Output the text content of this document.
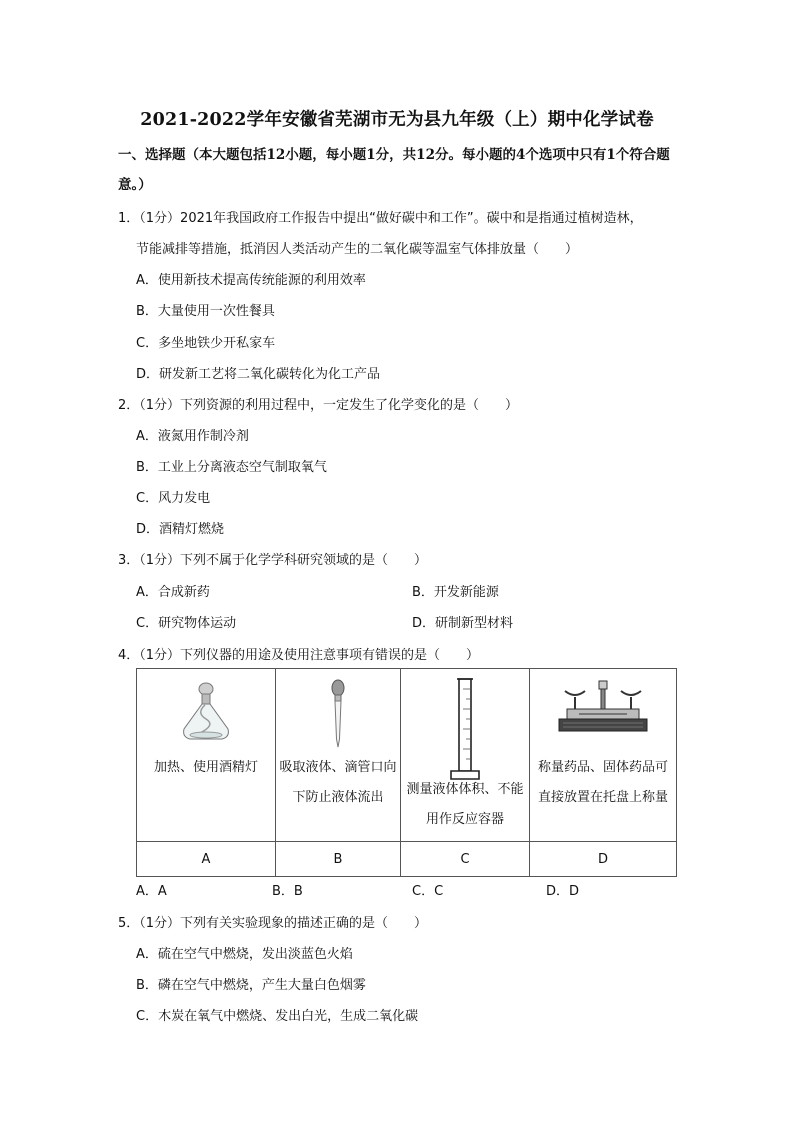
2021-2022学年安徽省芜湖市无为县九年级（上）期中化学试卷
一、选择题（本大题包括12小题，每小题1分，共12分。每小题的4个选项中只有1个符合题意。）
1．（1分）2021年我国政府工作报告中提出“做好碳中和工作”。碳中和是指通过植树造林，
节能减排等措施，抵消因人类活动产生的二氧化碳等温室气体排放量（　　）
A．使用新技术提高传统能源的利用效率
B．大量使用一次性餐具
C．多坐地铁少开私家车
D．研发新工艺将二氧化碳转化为化工产品
2．（1分）下列资源的利用过程中，一定发生了化学变化的是（　　）
A．液氮用作制冷剂
B．工业上分离液态空气制取氧气
C．风力发电
D．酒精灯燃烧
3．（1分）下列不属于化学学科研究领域的是（　　）
A．合成新药	B．开发新能源
C．研究物体运动	D．研制新型材料
4．（1分）下列仪器的用途及使用注意事项有错误的是（　　）
加热、使用酒精灯	吸取液体、滴管口向下防止液体流出	测量液体体积、不能用作反应容器	称量药品、固体药品可直接放置在托盘上称量

A	B	C	D
A．A	B．B	C．C	D．D
5．（1分）下列有关实验现象的描述正确的是（　　）
A．硫在空气中燃烧，发出淡蓝色火焰
B．磷在空气中燃烧，产生大量白色烟雾
C．木炭在氧气中燃烧、发出白光，生成二氧化碳
